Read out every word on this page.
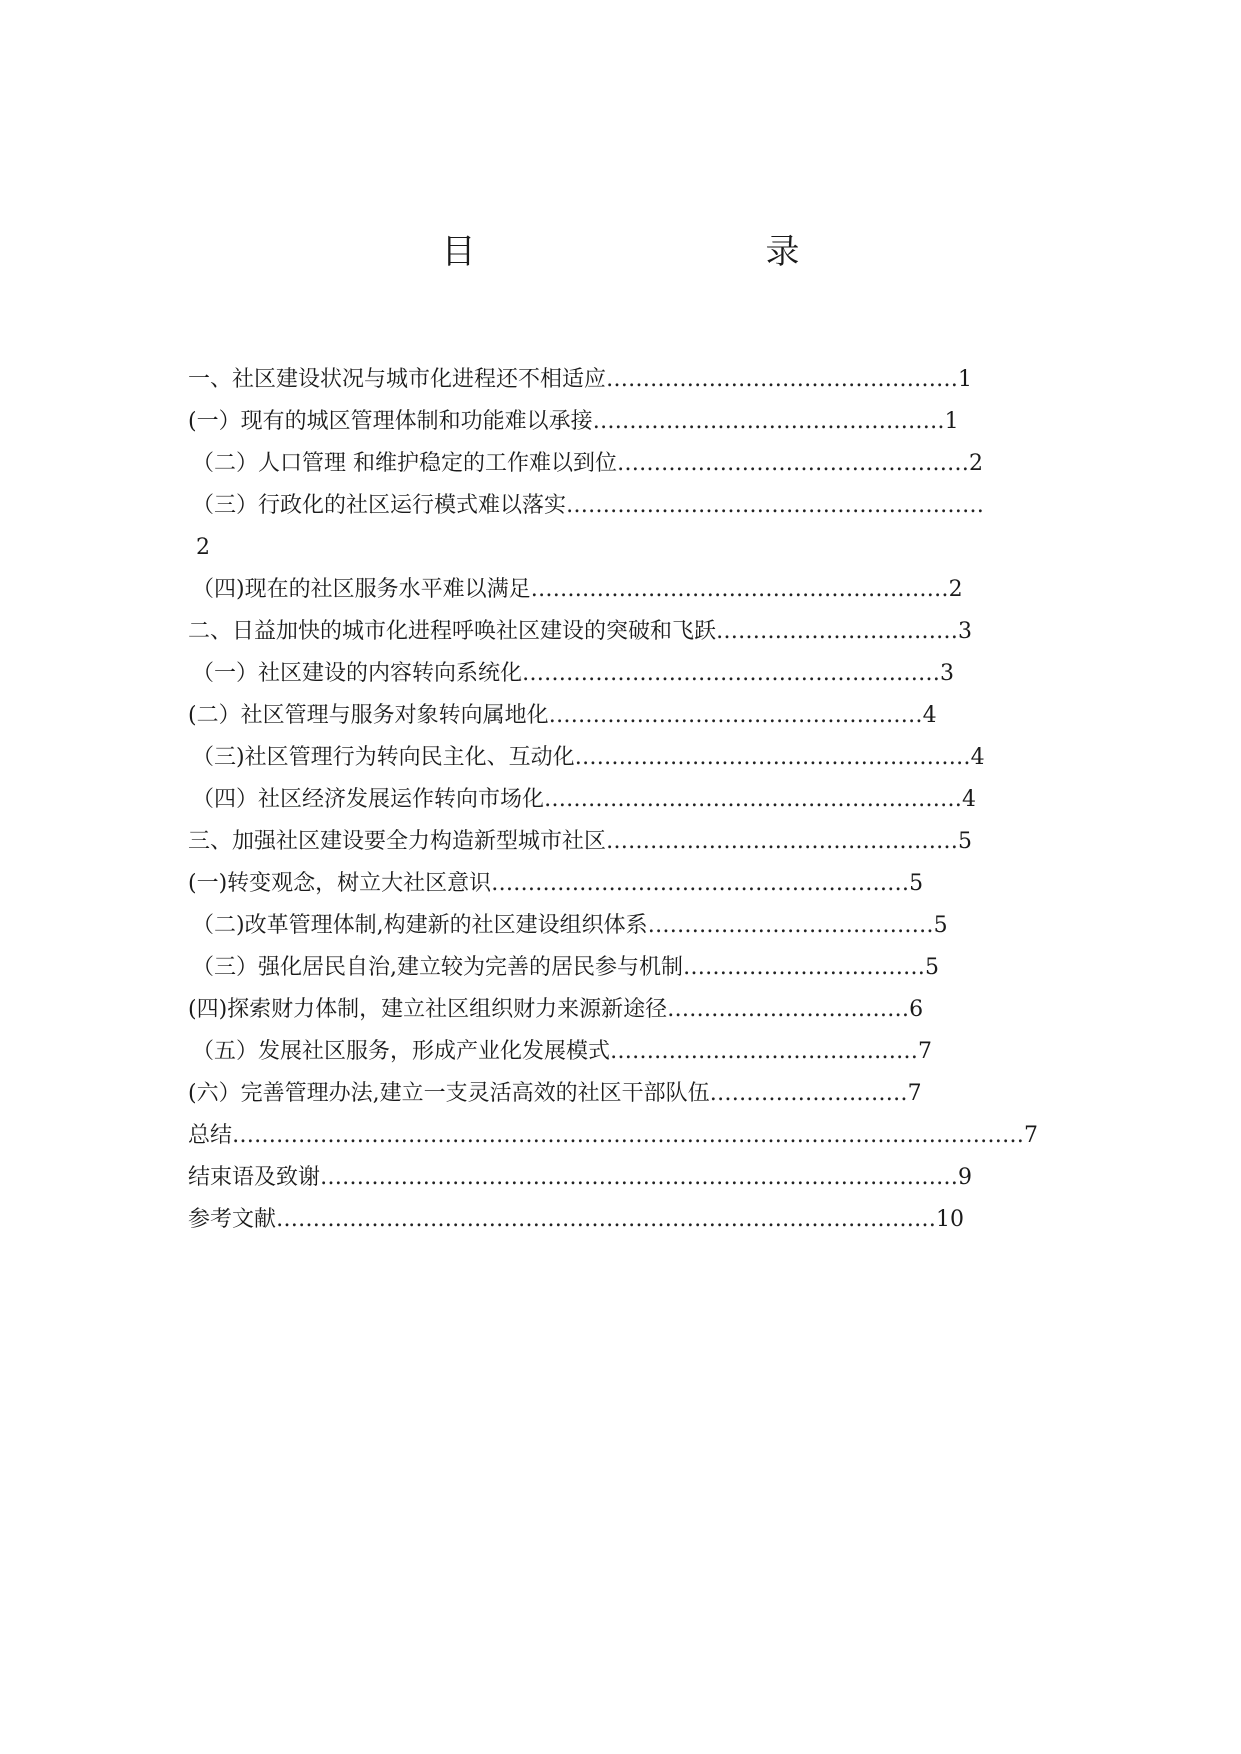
目　　录
一、社区建设状况与城市化进程还不相适应…………………………………………1
(一）现有的城区管理体制和功能难以承接…………………………………………1
（二）人口管理 和维护稳定的工作难以到位…………………………………………2
（三）行政化的社区运行模式难以落实…………………………………………………
2
（四)现在的社区服务水平难以满足…………………………………………………2
二、日益加快的城市化进程呼唤社区建设的突破和飞跃……………………………3
（一）社区建设的内容转向系统化…………………………………………………3
(二）社区管理与服务对象转向属地化……………………………………………4
（三)社区管理行为转向民主化、互动化………………………………………………4
（四）社区经济发展运作转向市场化…………………………………………………4
三、加强社区建设要全力构造新型城市社区…………………………………………5
(一)转变观念，树立大社区意识…………………………………………………5
（二)改革管理体制,构建新的社区建设组织体系…………………………………5
（三）强化居民自治,建立较为完善的居民参与机制……………………………5
(四)探索财力体制，建立社区组织财力来源新途径……………………………6
（五）发展社区服务，形成产业化发展模式……………………………………7
(六）完善管理办法,建立一支灵活高效的社区干部队伍………………………7
总结………………………………………………………………………………………………7
结束语及致谢……………………………………………………………………………9
参考文献………………………………………………………………………………10
